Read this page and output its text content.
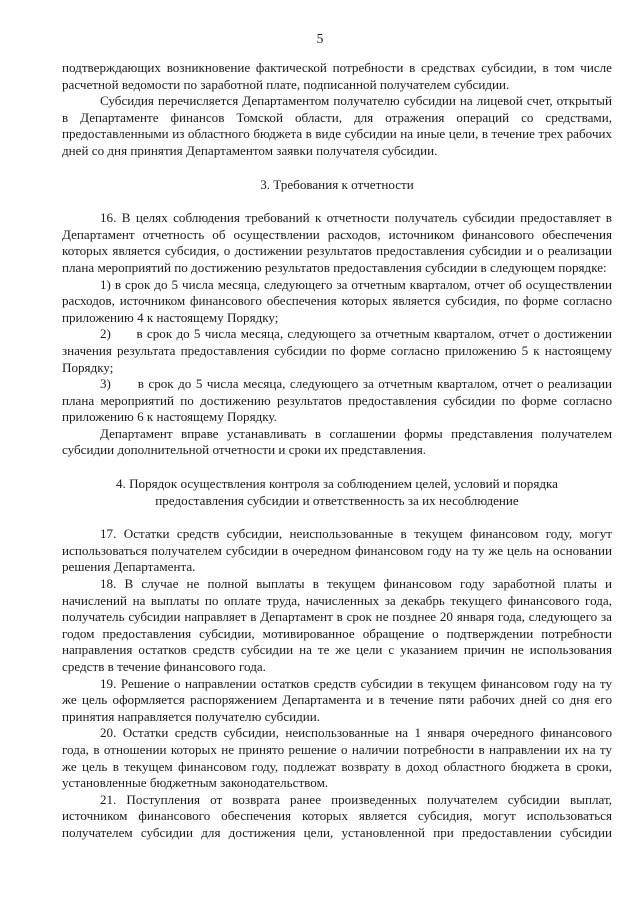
5

подтверждающих возникновение фактической потребности в средствах субсидии, в том числе расчетной ведомости по заработной плате, подписанной получателем субсидии.

Субсидия перечисляется Департаментом получателю субсидии на лицевой счет, открытый в Департаменте финансов Томской области, для отражения операций со средствами, предоставленными из областного бюджета в виде субсидии на иные цели, в течение трех рабочих дней со дня принятия Департаментом заявки получателя субсидии.

3. Требования к отчетности

16. В целях соблюдения требований к отчетности получатель субсидии предоставляет в Департамент отчетность об осуществлении расходов, источником финансового обеспечения которых является субсидия, о достижении результатов предоставления субсидии и о реализации плана мероприятий по достижению результатов предоставления субсидии в следующем порядке:

1) в срок до 5 числа месяца, следующего за отчетным кварталом, отчет об осуществлении расходов, источником финансового обеспечения которых является субсидия, по форме согласно приложению 4 к настоящему Порядку;

2)      в срок до 5 числа месяца, следующего за отчетным кварталом, отчет о достижении значения результата предоставления субсидии по форме согласно приложению 5 к настоящему Порядку;

3)      в срок до 5 числа месяца, следующего за отчетным кварталом, отчет о реализации плана мероприятий по достижению результатов предоставления субсидии по форме согласно приложению 6 к настоящему Порядку.

Департамент вправе устанавливать в соглашении формы представления получателем субсидии дополнительной отчетности и сроки их представления.

4. Порядок осуществления контроля за соблюдением целей, условий и порядка
предоставления субсидии и ответственность за их несоблюдение

17. Остатки средств субсидии, неиспользованные в текущем финансовом году, могут использоваться получателем субсидии в очередном финансовом году на ту же цель на основании решения Департамента.

18. В случае не полной выплаты в текущем финансовом году заработной платы и начислений на выплаты по оплате труда, начисленных за декабрь текущего финансового года, получатель субсидии направляет в Департамент в срок не позднее 20 января года, следующего за годом предоставления субсидии, мотивированное обращение о подтверждении потребности направления остатков средств субсидии на те же цели с указанием причин не использования средств в течение финансового года.

19. Решение о направлении остатков средств субсидии в текущем финансовом году на ту же цель оформляется распоряжением Департамента и в течение пяти рабочих дней со дня его принятия направляется получателю субсидии.

20. Остатки средств субсидии, неиспользованные на 1 января очередного финансового года, в отношении которых не принято решение о наличии потребности в направлении их на ту же цель в текущем финансовом году, подлежат возврату в доход областного бюджета в сроки, установленные бюджетным законодательством.

21. Поступления от возврата ранее произведенных получателем субсидии выплат, источником финансового обеспечения которых является субсидия, могут использоваться получателем субсидии для достижения цели, установленной при предоставлении субсидии
